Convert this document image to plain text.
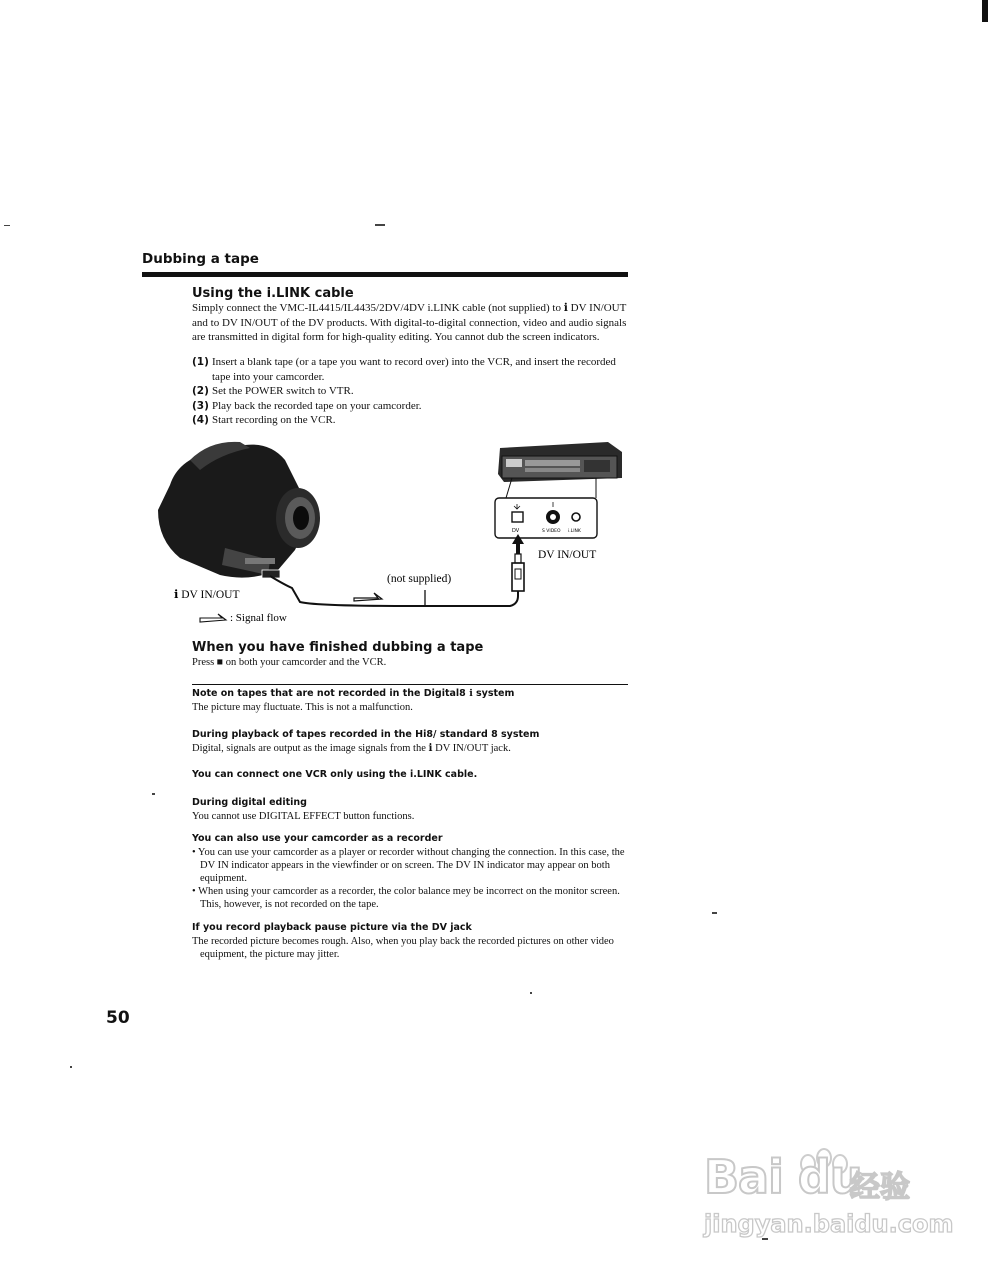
Dubbing a tape
Using the i.LINK cable
Simply connect the VMC-IL4415/IL4435/2DV/4DV i.LINK cable (not supplied) to ℹ DV IN/OUT and to DV IN/OUT of the DV products. With digital-to-digital connection, video and audio signals are transmitted in digital form for high-quality editing. You cannot dub the screen indicators.
(1) Insert a blank tape (or a tape you want to record over) into the VCR, and insert the recorded tape into your camcorder.
(2) Set the POWER switch to VTR.
(3) Play back the recorded tape on your camcorder.
(4) Start recording on the VCR.
DV	S VIDEO i.LINK
(not supplied)
DV IN/OUT
ℹ DV IN/OUT
: Signal flow
When you have finished dubbing a tape
Press ■ on both your camcorder and the VCR.
Note on tapes that are not recorded in the Digital8 ℹ system

The picture may fluctuate. This is not a malfunction.

During playback of tapes recorded in the Hi8/ standard 8 system

Digital, signals are output as the image signals from the ℹ DV IN/OUT jack.

You can connect one VCR only using the i.LINK cable.
During digital editing

You cannot use DIGITAL EFFECT button functions.

You can also use your camcorder as a recorder

• You can use your camcorder as a player or recorder without changing the connection. In this case, the DV IN indicator appears in the viewfinder or on screen. The DV IN indicator may appear on both equipment.

• When using your camcorder as a recorder, the color balance mey be incorrect on the monitor screen. This, however, is not recorded on the tape.

If you record playback pause picture via the DV jack

The recorded picture becomes rough. Also, when you play back the recorded pictures on other video equipment, the picture may jitter.

50
Bai du
经验
jingyan.baidu.com
